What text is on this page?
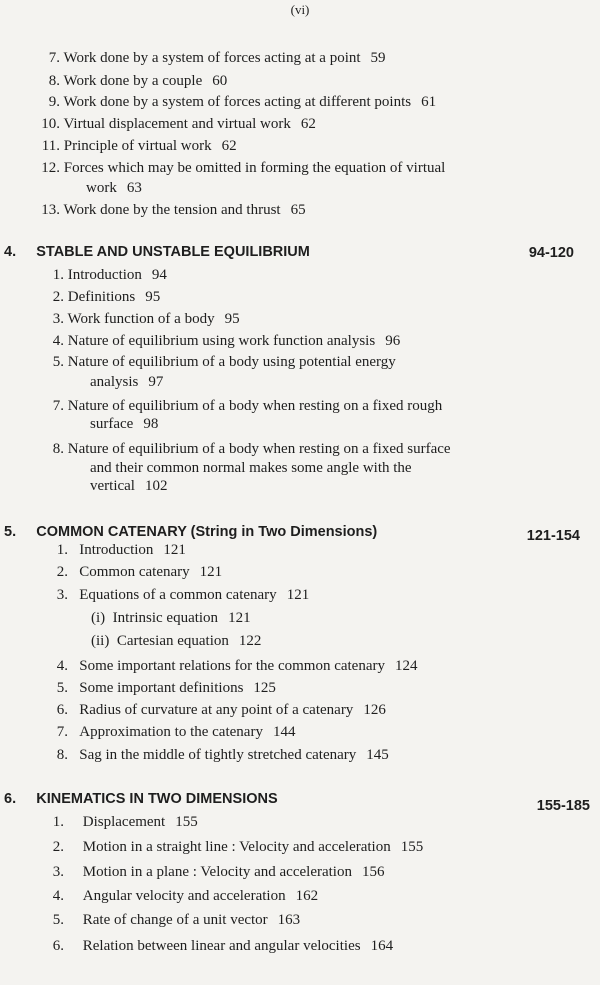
(vi)
7. Work done by a system of forces acting at a point 59
8. Work done by a couple 60
9. Work done by a system of forces acting at different points 61
10. Virtual displacement and virtual work 62
11. Principle of virtual work 62
12. Forces which may be omitted in forming the equation of virtual
work 63
13. Work done by the tension and thrust 65
4. STABLE AND UNSTABLE EQUILIBRIUM	94-120
1. Introduction 94
2. Definitions 95
3. Work function of a body 95
4. Nature of equilibrium using work function analysis 96
5. Nature of equilibrium of a body using potential energy
analysis 97
7. Nature of equilibrium of a body when resting on a fixed rough
surface 98
8. Nature of equilibrium of a body when resting on a fixed surface
and their common normal makes some angle with the
vertical 102
5. COMMON CATENARY (String in Two Dimensions)	121-154
1. Introduction 121
2. Common catenary 121
3. Equations of a common catenary 121
(i) Intrinsic equation 121
(ii) Cartesian equation 122
4. Some important relations for the common catenary 124
5. Some important definitions 125
6. Radius of curvature at any point of a catenary 126
7. Approximation to the catenary 144
8. Sag in the middle of tightly stretched catenary 145
6. KINEMATICS IN TWO DIMENSIONS	155-185
1. Displacement 155
2. Motion in a straight line : Velocity and acceleration 155
3. Motion in a plane : Velocity and acceleration 156
4. Angular velocity and acceleration 162
5. Rate of change of a unit vector 163
6. Relation between linear and angular velocities 164
